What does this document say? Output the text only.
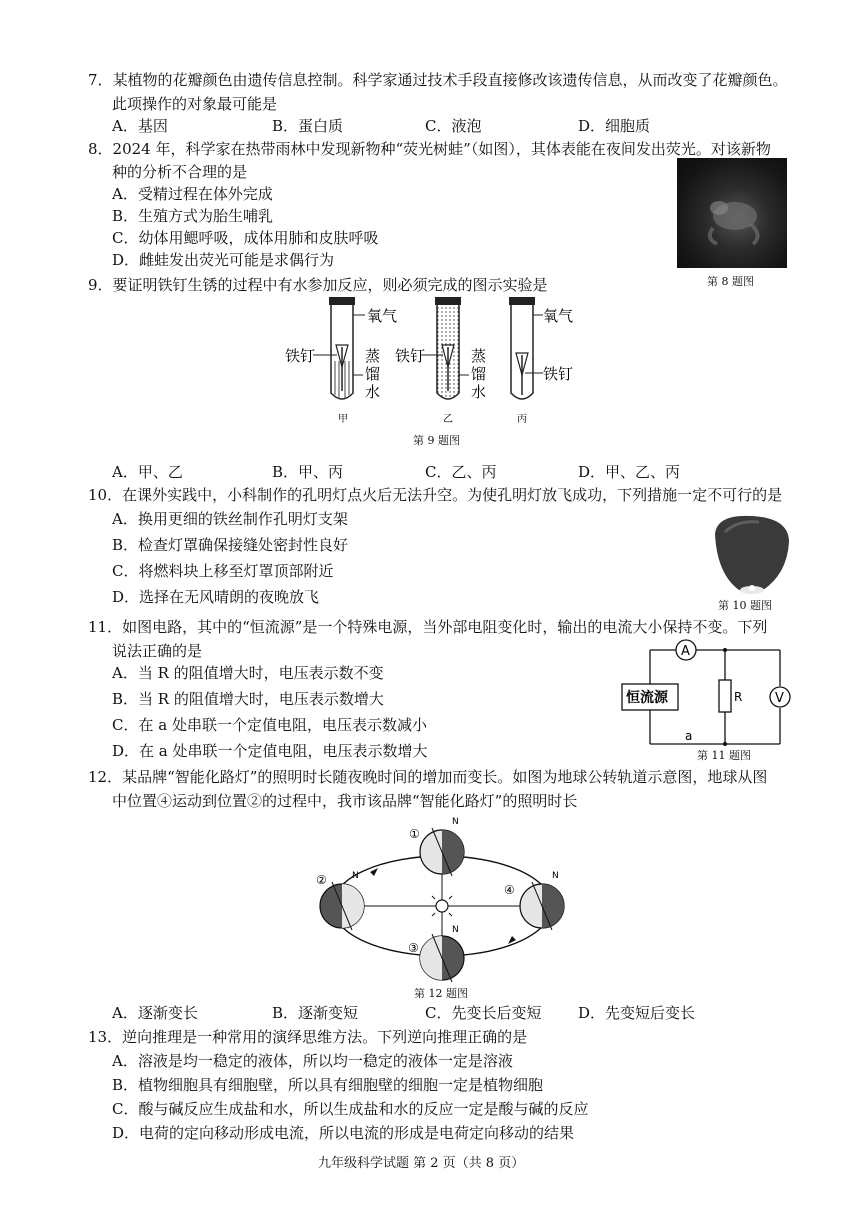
7．某植物的花瓣颜色由遗传信息控制。科学家通过技术手段直接修改该遗传信息，从而改变了花瓣颜色。
此项操作的对象最可能是
A．基因	B．蛋白质	C．液泡	D．细胞质
8．2024 年，科学家在热带雨林中发现新物种“荧光树蛙”（如图），其体表能在夜间发出荧光。对该新物
种的分析不合理的是
A．受精过程在体外完成
B．生殖方式为胎生哺乳
C．幼体用鳃呼吸，成体用肺和皮肤呼吸
D．雌蛙发出荧光可能是求偶行为
第 8 题图
9．要证明铁钉生锈的过程中有水参加反应，则必须完成的图示实验是
氧气
铁钉	蒸
馏
水
甲
铁钉	蒸
馏
水
乙
氧气
铁钉
丙
第 9 题图
A．甲、乙	B．甲、丙	C．乙、丙	D．甲、乙、丙
10．在课外实践中，小科制作的孔明灯点火后无法升空。为使孔明灯放飞成功，下列措施一定不可行的是
A．换用更细的铁丝制作孔明灯支架
B．检查灯罩确保接缝处密封性良好
C．将燃料块上移至灯罩顶部附近
D．选择在无风晴朗的夜晚放飞	第 10 题图
11．如图电路，其中的“恒流源”是一个特殊电源，当外部电阻变化时，输出的电流大小保持不变。下列
说法正确的是
A．当 R 的阻值增大时，电压表示数不变
B．当 R 的阻值增大时，电压表示数增大
C．在 a 处串联一个定值电阻，电压表示数减小
D．在 a 处串联一个定值电阻，电压表示数增大
A
V
R
恒流源
a
第 11 题图
12．某品牌“智能化路灯”的照明时长随夜晚时间的增加而变长。如图为地球公转轨道示意图，地球从图
中位置④运动到位置②的过程中，我市该品牌“智能化路灯”的照明时长
①
②
③
④
N
N
N
N
第 12 题图
A．逐渐变长	B．逐渐变短	C．先变长后变短 D．先变短后变长
13．逆向推理是一种常用的演绎思维方法。下列逆向推理正确的是
A．溶液是均一稳定的液体，所以均一稳定的液体一定是溶液
B．植物细胞具有细胞壁，所以具有细胞壁的细胞一定是植物细胞
C．酸与碱反应生成盐和水，所以生成盐和水的反应一定是酸与碱的反应
D．电荷的定向移动形成电流，所以电流的形成是电荷定向移动的结果
九年级科学试题 第 2 页（共 8 页）
